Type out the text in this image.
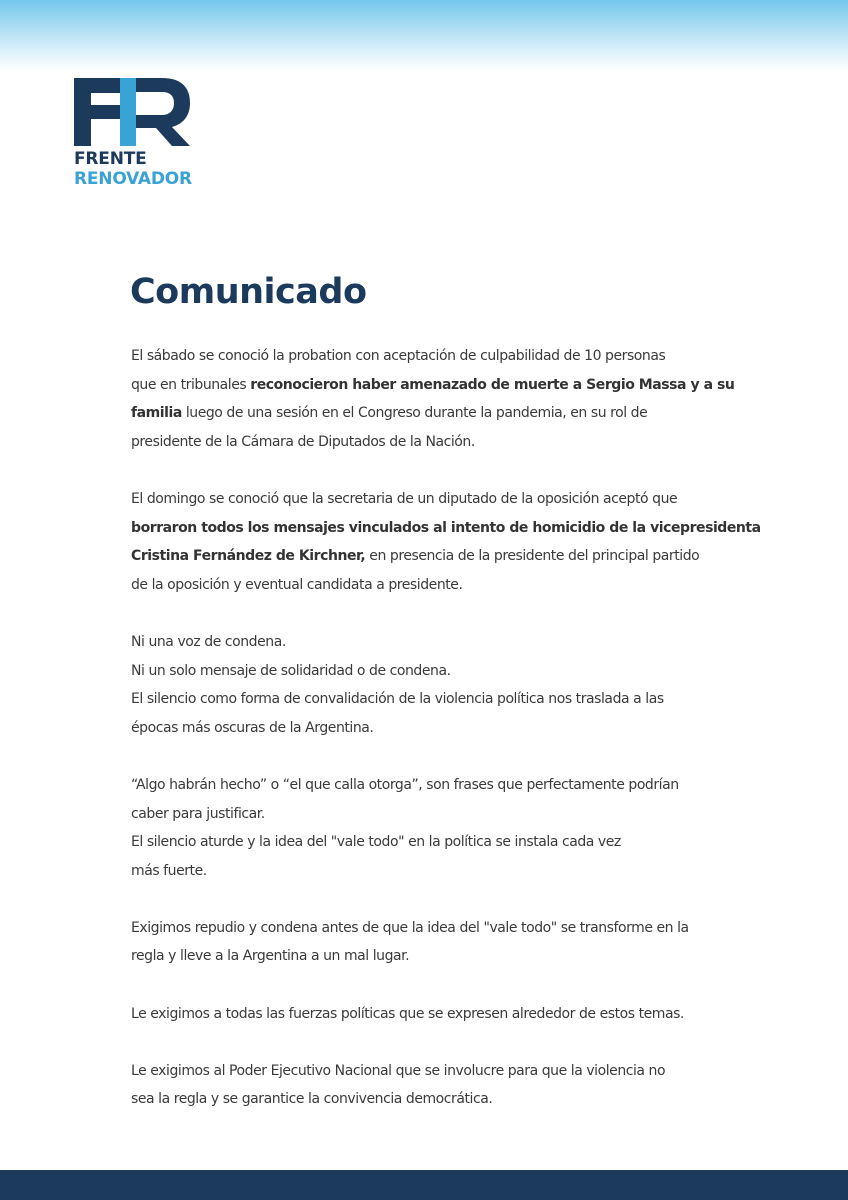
FRENTE
RENOVADOR
Comunicado

El sábado se conoció la probation con aceptación de culpabilidad de 10 personas
que en tribunales reconocieron haber amenazado de muerte a Sergio Massa y a su
familia luego de una sesión en el Congreso durante la pandemia, en su rol de
presidente de la Cámara de Diputados de la Nación.

El domingo se conoció que la secretaria de un diputado de la oposición aceptó que
borraron todos los mensajes vinculados al intento de homicidio de la vicepresidenta
Cristina Fernández de Kirchner, en presencia de la presidente del principal partido
de la oposición y eventual candidata a presidente.

Ni una voz de condena.
Ni un solo mensaje de solidaridad o de condena.
El silencio como forma de convalidación de la violencia política nos traslada a las
épocas más oscuras de la Argentina.

“Algo habrán hecho” o “el que calla otorga”, son frases que perfectamente podrían
caber para justificar.
El silencio aturde y la idea del "vale todo" en la política se instala cada vez
más fuerte.

Exigimos repudio y condena antes de que la idea del "vale todo" se transforme en la
regla y lleve a la Argentina a un mal lugar.

Le exigimos a todas las fuerzas políticas que se expresen alrededor de estos temas.

Le exigimos al Poder Ejecutivo Nacional que se involucre para que la violencia no
sea la regla y se garantice la convivencia democrática.
